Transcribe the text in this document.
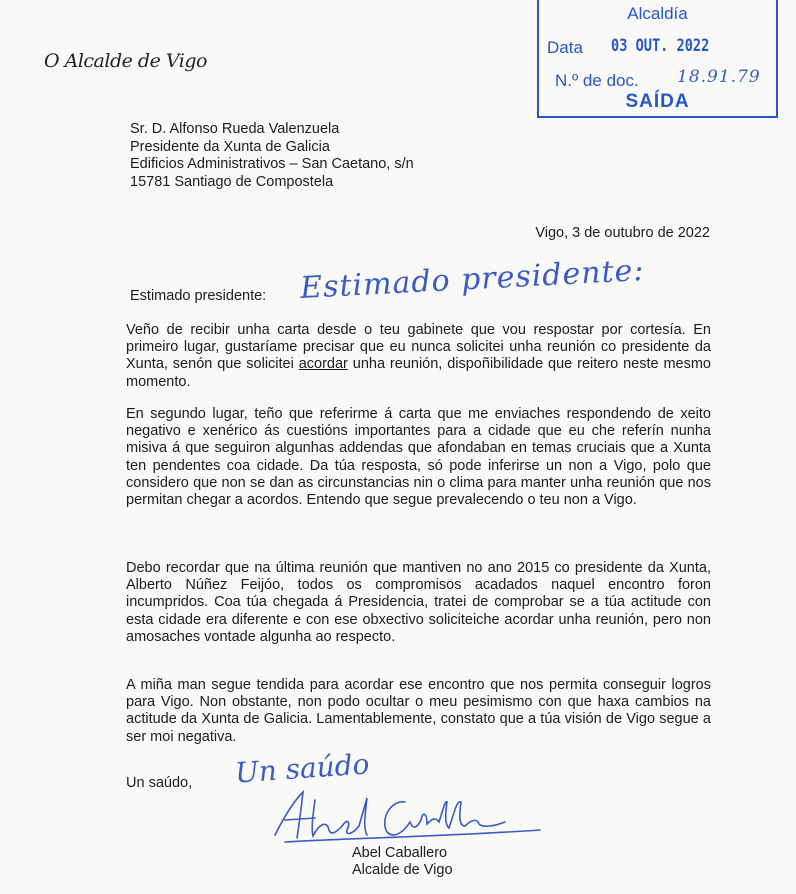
Alcaldía
Data 03 OUT. 2022
N.º de doc. 18.91.79
SAÍDA
O Alcalde de Vigo
Sr. D. Alfonso Rueda Valenzuela
Presidente da Xunta de Galicia
Edificios Administrativos – San Caetano, s/n
15781 Santiago de Compostela
Vigo, 3 de outubro de 2022
Estimado presidente: Estimado presidente:
Veño de recibir unha carta desde o teu gabinete que vou respostar por cortesía. En primeiro lugar, gustaríame precisar que eu nunca solicitei unha reunión co presidente da Xunta, senón que solicitei acordar unha reunión, dispoñibilidade que reitero neste mesmo momento.
En segundo lugar, teño que referirme á carta que me enviaches respondendo de xeito negativo e xenérico ás cuestións importantes para a cidade que eu che referín nunha misiva á que seguiron algunhas addendas que afondaban en temas cruciais que a Xunta ten pendentes coa cidade. Da túa resposta, só pode inferirse un non a Vigo, polo que considero que non se dan as circunstancias nin o clima para manter unha reunión que nos permitan chegar a acordos. Entendo que segue prevalecendo o teu non a Vigo.
Debo recordar que na última reunión que mantiven no ano 2015 co presidente da Xunta, Alberto Núñez Feijóo, todos os compromisos acadados naquel encontro foron incumpridos. Coa túa chegada á Presidencia, tratei de comprobar se a túa actitude con esta cidade era diferente e con ese obxectivo soliciteiche acordar unha reunión, pero non amosaches vontade algunha ao respecto.
A miña man segue tendida para acordar ese encontro que nos permita conseguir logros para Vigo. Non obstante, non podo ocultar o meu pesimismo con que haxa cambios na actitude da Xunta de Galicia. Lamentablemente, constato que a túa visión de Vigo segue a ser moi negativa.
Un saúdo, Un saúdo
Abel Caballero
Alcalde de Vigo
